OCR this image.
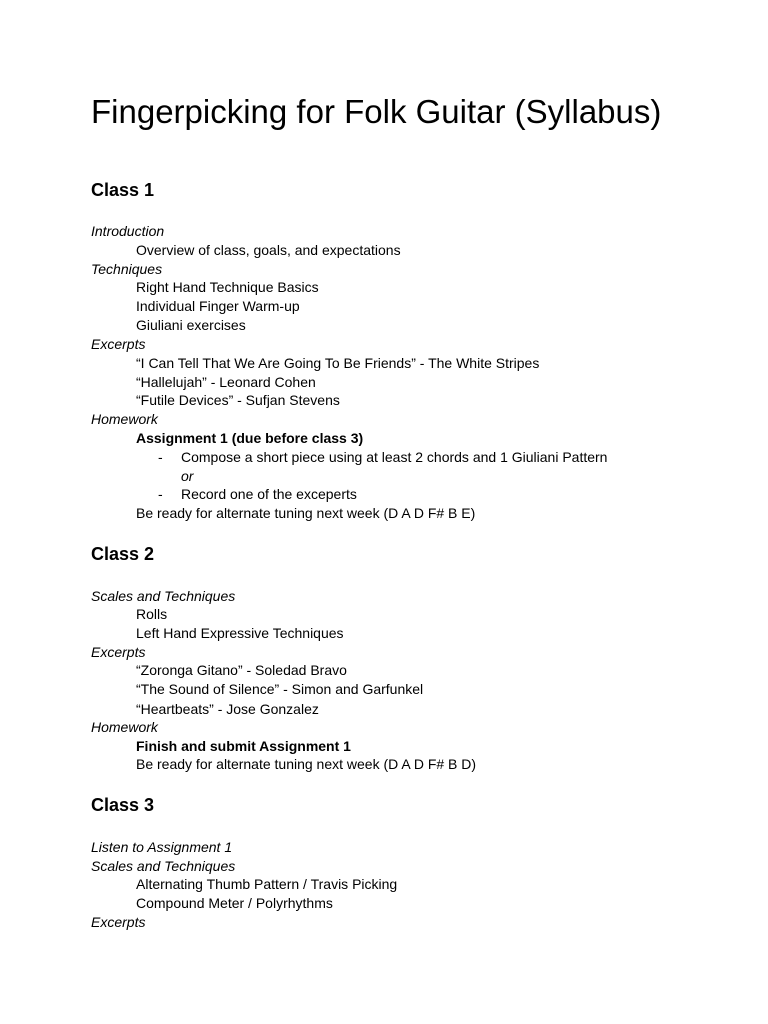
Fingerpicking for Folk Guitar (Syllabus)
Class 1
Introduction
Overview of class, goals, and expectations
Techniques
Right Hand Technique Basics
Individual Finger Warm-up
Giuliani exercises
Excerpts
“I Can Tell That We Are Going To Be Friends” - The White Stripes
“Hallelujah” - Leonard Cohen
“Futile Devices” - Sufjan Stevens
Homework
Assignment 1 (due before class 3)
- Compose a short piece using at least 2 chords and 1 Giuliani Pattern
or
- Record one of the exceperts
Be ready for alternate tuning next week (D A D F# B E)
Class 2
Scales and Techniques
Rolls
Left Hand Expressive Techniques
Excerpts
“Zoronga Gitano” - Soledad Bravo
“The Sound of Silence” - Simon and Garfunkel
“Heartbeats” - Jose Gonzalez
Homework
Finish and submit Assignment 1
Be ready for alternate tuning next week (D A D F# B D)
Class 3
Listen to Assignment 1
Scales and Techniques
Alternating Thumb Pattern / Travis Picking
Compound Meter / Polyrhythms
Excerpts
